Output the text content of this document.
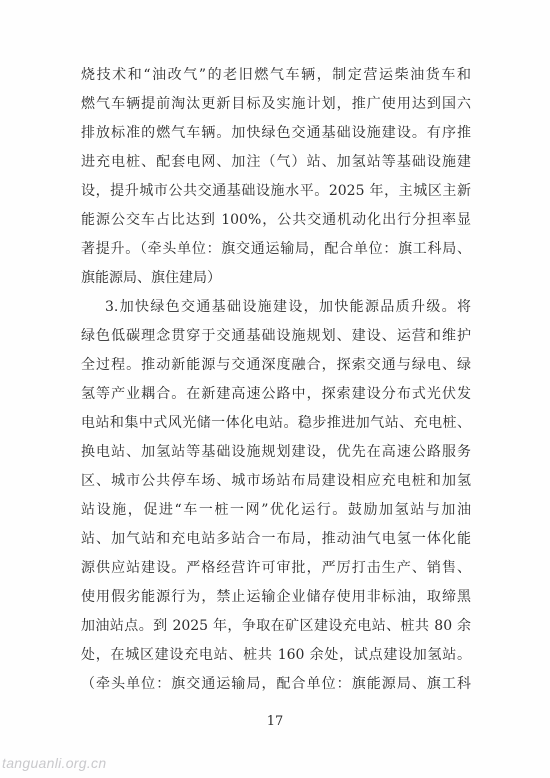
烧技术和“油改气”的老旧燃气车辆，制定营运柴油货车和
燃气车辆提前淘汰更新目标及实施计划，推广使用达到国六
排放标准的燃气车辆。加快绿色交通基础设施建设。有序推
进充电桩、配套电网、加注（气）站、加氢站等基础设施建
设，提升城市公共交通基础设施水平。2025 年，主城区主新
能源公交车占比达到 100%，公共交通机动化出行分担率显
著提升。（牵头单位：旗交通运输局，配合单位：旗工科局、
旗能源局、旗住建局）
3.加快绿色交通基础设施建设，加快能源品质升级。将
绿色低碳理念贯穿于交通基础设施规划、建设、运营和维护
全过程。推动新能源与交通深度融合，探索交通与绿电、绿
氢等产业耦合。在新建高速公路中，探索建设分布式光伏发
电站和集中式风光储一体化电站。稳步推进加气站、充电桩、
换电站、加氢站等基础设施规划建设，优先在高速公路服务
区、城市公共停车场、城市场站布局建设相应充电桩和加氢
站设施，促进“车一桩一网”优化运行。鼓励加氢站与加油
站、加气站和充电站多站合一布局，推动油气电氢一体化能
源供应站建设。严格经营许可审批，严厉打击生产、销售、
使用假劣能源行为，禁止运输企业储存使用非标油，取缔黑
加油站点。到 2025 年，争取在矿区建设充电站、桩共 80 余
处，在城区建设充电站、桩共 160 余处，试点建设加氢站。
（牵头单位：旗交通运输局，配合单位：旗能源局、旗工科
17
tanguanli.org.cn
